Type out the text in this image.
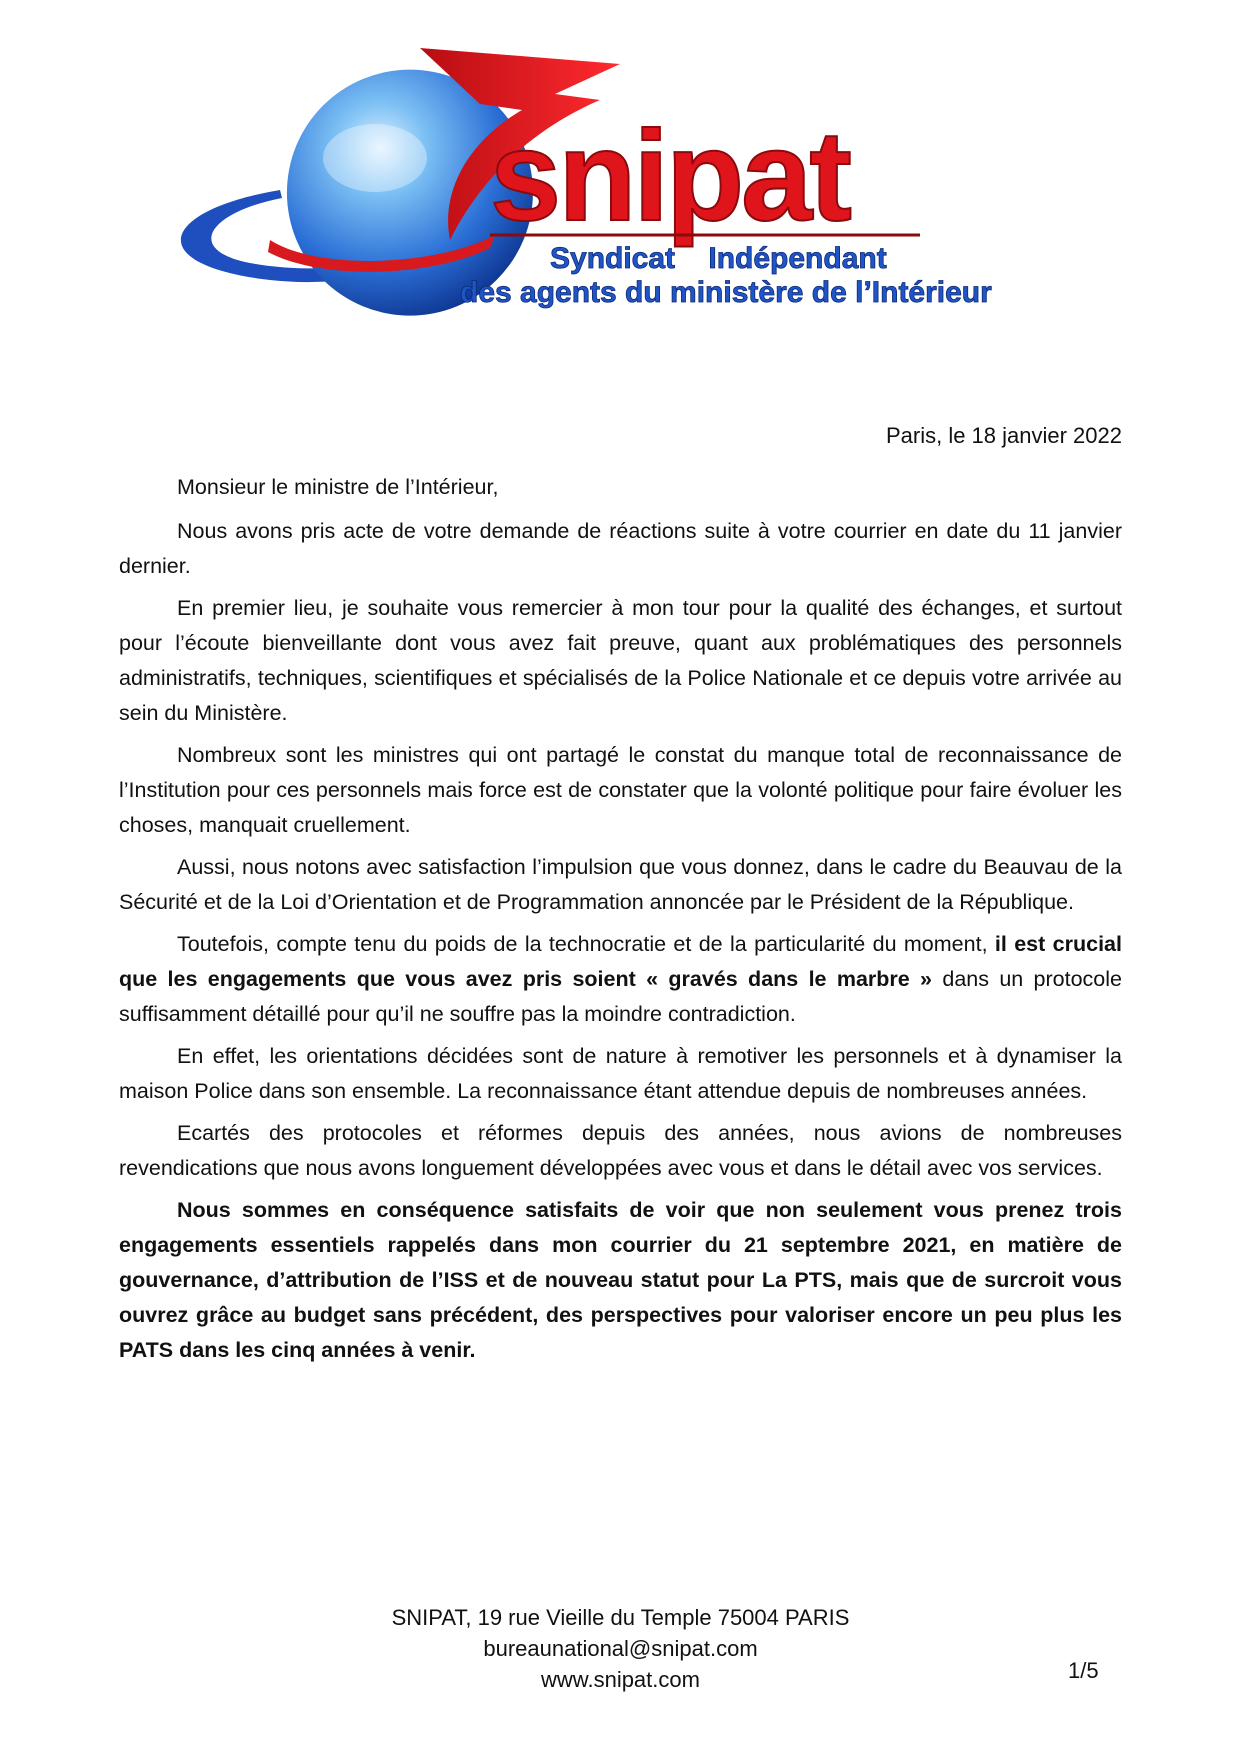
snipat
Syndicat    Indépendant
des agents du ministère de l’Intérieur
Paris, le 18 janvier 2022

Monsieur le ministre de l’Intérieur,

Nous avons pris acte de votre demande de réactions suite à votre courrier en date du 11 janvier dernier.

En premier lieu, je souhaite vous remercier à mon tour pour la qualité des échanges, et surtout pour l’écoute bienveillante dont vous avez fait preuve, quant aux problématiques des personnels administratifs, techniques, scientifiques et spécialisés de la Police Nationale et ce depuis votre arrivée au sein du Ministère.

Nombreux sont les ministres qui ont partagé le constat du manque total de reconnaissance de l’Institution pour ces personnels mais force est de constater que la volonté politique pour faire évoluer les choses, manquait cruellement.

Aussi, nous notons avec satisfaction l’impulsion que vous donnez, dans le cadre du Beauvau de la Sécurité et de la Loi d’Orientation et de Programmation annoncée par le Président de la République.

Toutefois, compte tenu du poids de la technocratie et de la particularité du moment, il est crucial que les engagements que vous avez pris soient « gravés dans le marbre » dans un protocole suffisamment détaillé pour qu’il ne souffre pas la moindre contradiction.

En effet, les orientations décidées sont de nature à remotiver les personnels et à dynamiser la maison Police dans son ensemble. La reconnaissance étant attendue depuis de nombreuses années.

Ecartés des protocoles et réformes depuis des années, nous avions de nombreuses revendications que nous avons longuement développées avec vous et dans le détail avec vos services.

Nous sommes en conséquence satisfaits de voir que non seulement vous prenez trois engagements essentiels rappelés dans mon courrier du 21 septembre 2021, en matière de gouvernance, d’attribution de l’ISS et de nouveau statut pour La PTS, mais que de surcroit vous ouvrez grâce au budget sans précédent, des perspectives pour valoriser encore un peu plus les PATS dans les cinq années à venir.

SNIPAT, 19 rue Vieille du Temple 75004 PARIS
bureaunational@snipat.com
www.snipat.com	1/5
